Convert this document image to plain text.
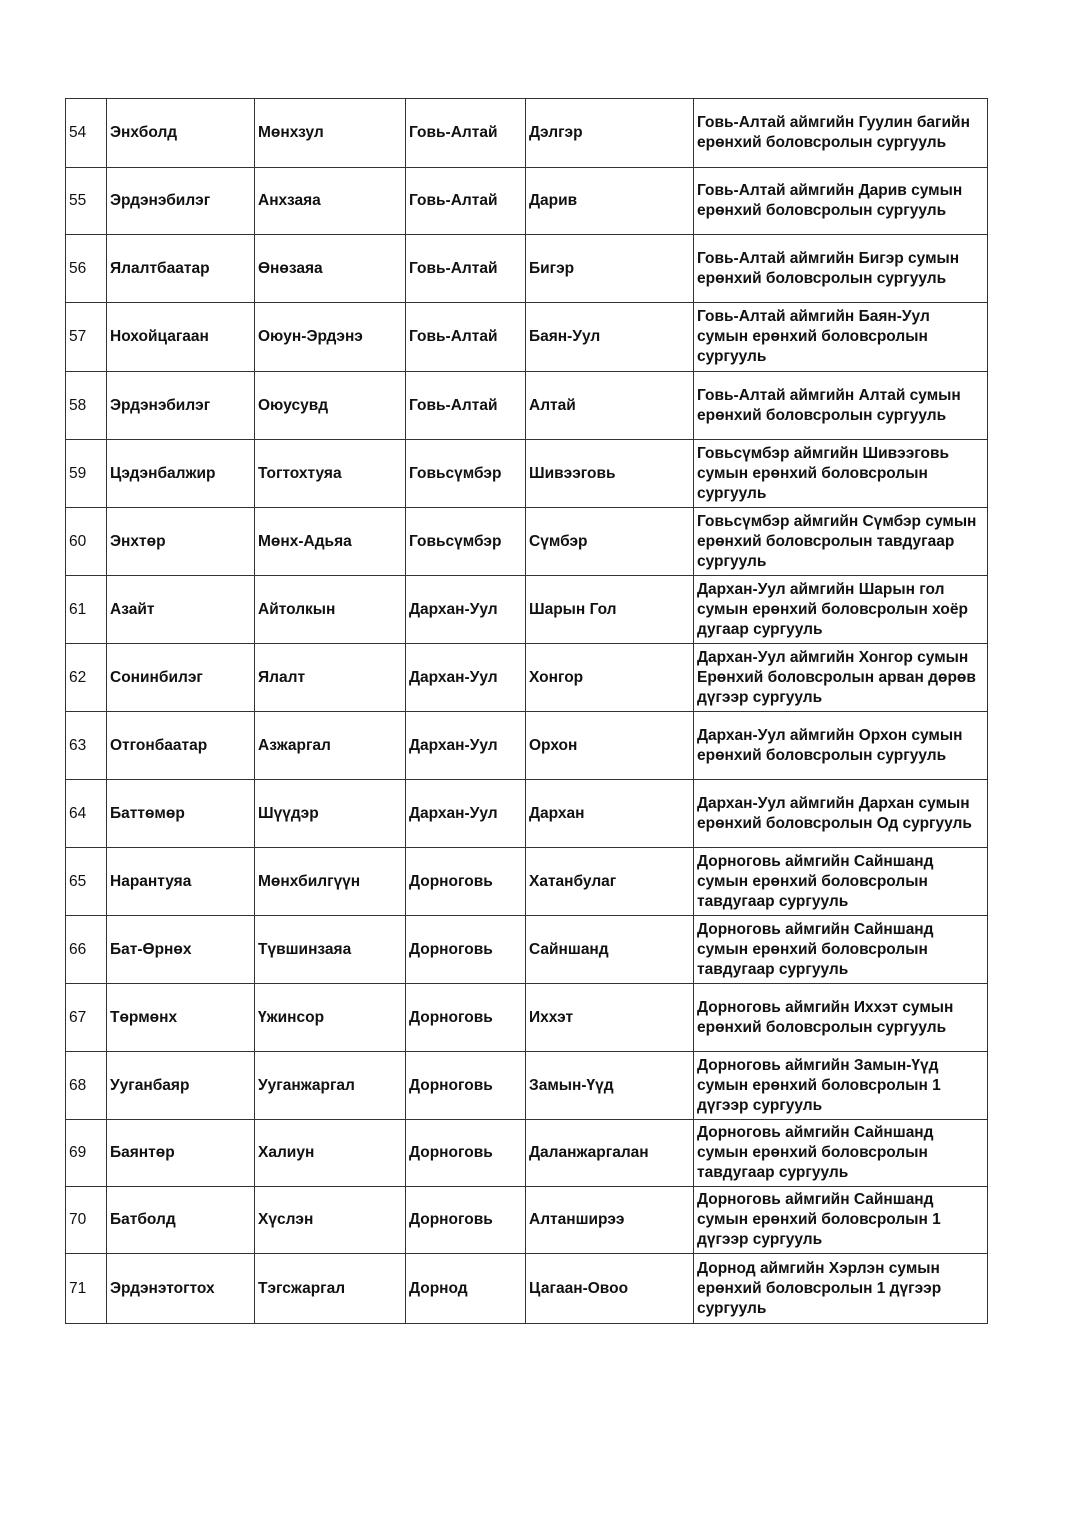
54	Энхболд	Мөнхзул	Говь-Алтай	Дэлгэр	Говь-Алтай аймгийн Гуулин багийн ерөнхий боловсролын сургууль
55	Эрдэнэбилэг	Анхзаяа	Говь-Алтай	Дарив	Говь-Алтай аймгийн Дарив сумын ерөнхий боловсролын сургууль
56	Ялалтбаатар	Өнөзаяа	Говь-Алтай	Бигэр	Говь-Алтай аймгийн Бигэр сумын ерөнхий боловсролын сургууль
57	Нохойцагаан	Оюун-Эрдэнэ	Говь-Алтай	Баян-Уул	Говь-Алтай аймгийн Баян-Уул сумын ерөнхий боловсролын сургууль
58	Эрдэнэбилэг	Оюусувд	Говь-Алтай	Алтай	Говь-Алтай аймгийн Алтай сумын ерөнхий боловсролын сургууль
59	Цэдэнбалжир	Тогтохтуяа	Говьсүмбэр	Шивээговь	Говьсүмбэр аймгийн Шивээговь сумын ерөнхий боловсролын сургууль
60	Энхтөр	Мөнх-Адьяа	Говьсүмбэр	Сүмбэр	Говьсүмбэр аймгийн Сүмбэр сумын ерөнхий боловсролын тавдугаар сургууль
61	Азайт	Айтолкын	Дархан-Уул	Шарын Гол	Дархан-Уул аймгийн Шарын гол сумын ерөнхий боловсролын хоёр дугаар сургууль
62	Сонинбилэг	Ялалт	Дархан-Уул	Хонгор	Дархан-Уул аймгийн Хонгор сумын Ерөнхий боловсролын арван дөрөв дүгээр сургууль
63	Отгонбаатар	Азжаргал	Дархан-Уул	Орхон	Дархан-Уул аймгийн Орхон сумын ерөнхий боловсролын сургууль
64	Баттөмөр	Шүүдэр	Дархан-Уул	Дархан	Дархан-Уул аймгийн Дархан сумын ерөнхий боловсролын Од сургууль
65	Нарантуяа	Мөнхбилгүүн	Дорноговь	Хатанбулаг	Дорноговь аймгийн Сайншанд сумын ерөнхий боловсролын тавдугаар сургууль
66	Бат-Өрнөх	Түвшинзаяа	Дорноговь	Сайншанд	Дорноговь аймгийн Сайншанд сумын ерөнхий боловсролын тавдугаар сургууль
67	Төрмөнх	Үжинсор	Дорноговь	Иххэт	Дорноговь аймгийн Иххэт сумын ерөнхий боловсролын сургууль
68	Ууганбаяр	Ууганжаргал	Дорноговь	Замын-Үүд	Дорноговь аймгийн Замын-Үүд сумын ерөнхий боловсролын 1 дүгээр сургууль
69	Баянтөр	Халиун	Дорноговь	Даланжаргалан	Дорноговь аймгийн Сайншанд сумын ерөнхий боловсролын тавдугаар сургууль
70	Батболд	Хүслэн	Дорноговь	Алтанширээ	Дорноговь аймгийн Сайншанд сумын ерөнхий боловсролын 1 дүгээр сургууль
71	Эрдэнэтогтох	Тэгсжаргал	Дорнод	Цагаан-Овоо	Дорнод аймгийн Хэрлэн сумын ерөнхий боловсролын 1 дүгээр сургууль
